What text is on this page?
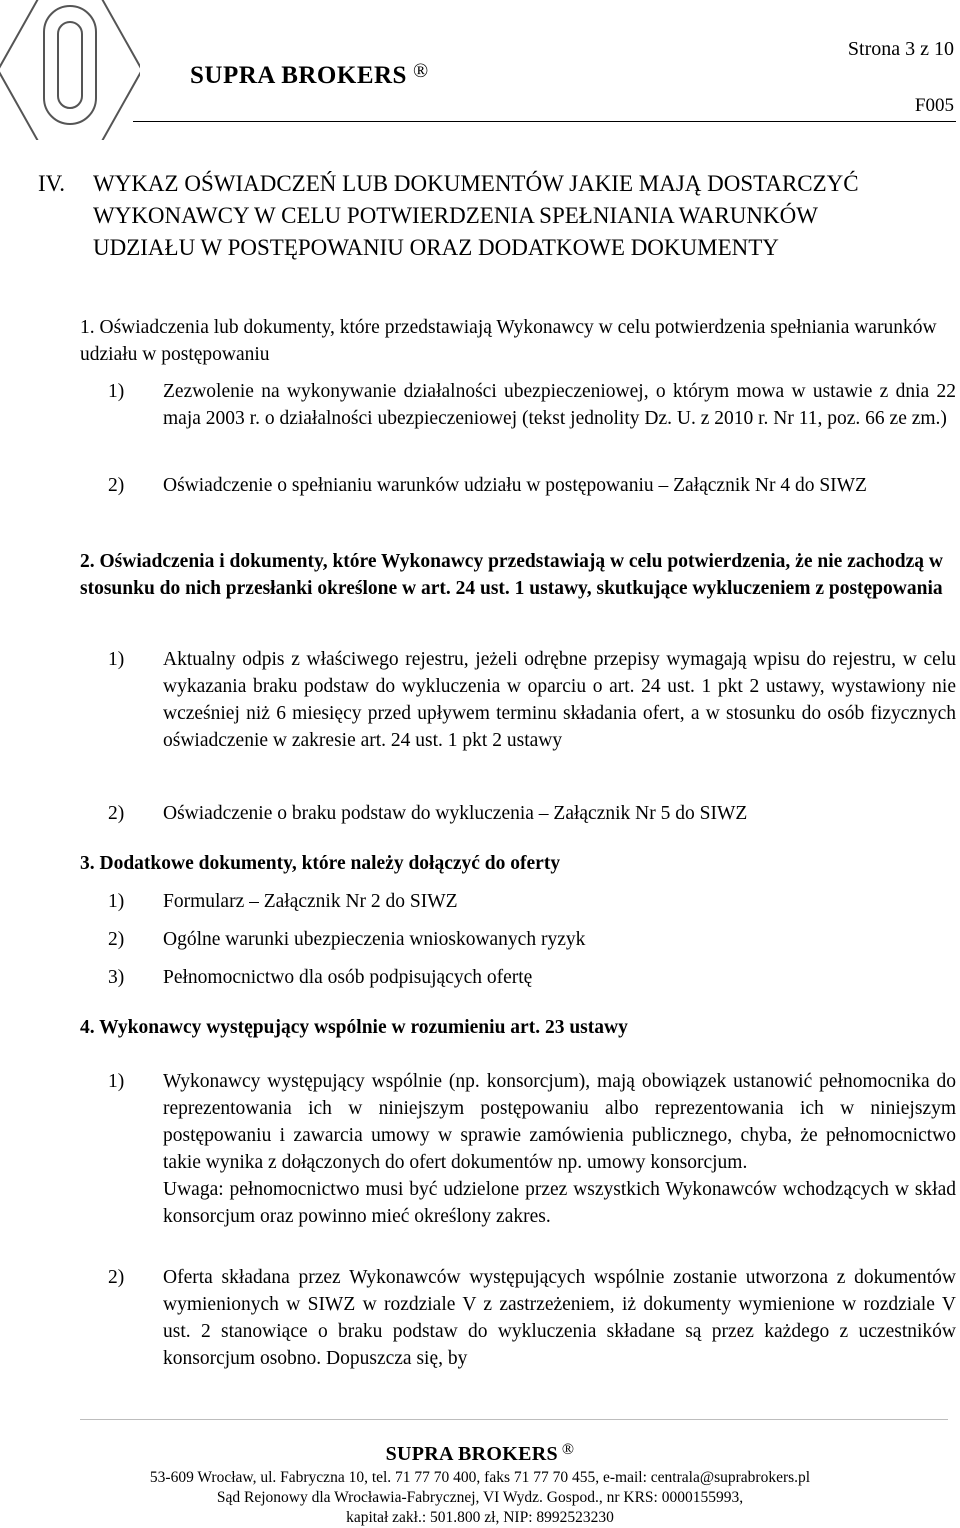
SUPRA BROKERS ®
Strona 3 z 10
F005
IV. WYKAZ OŚWIADCZEŃ LUB DOKUMENTÓW JAKIE MAJĄ DOSTARCZYĆ WYKONAWCY W CELU POTWIERDZENIA SPEŁNIANIA WARUNKÓW UDZIAŁU W POSTĘPOWANIU ORAZ DODATKOWE DOKUMENTY
1. Oświadczenia lub dokumenty, które przedstawiają Wykonawcy w celu potwierdzenia spełniania warunków udziału w postępowaniu
1) Zezwolenie na wykonywanie działalności ubezpieczeniowej, o którym mowa w ustawie z dnia 22 maja 2003 r. o działalności ubezpieczeniowej (tekst jednolity Dz. U. z 2010 r. Nr 11, poz. 66 ze zm.)
2) Oświadczenie o spełnianiu warunków udziału w postępowaniu – Załącznik Nr 4 do SIWZ
2. Oświadczenia i dokumenty, które Wykonawcy przedstawiają w celu potwierdzenia, że nie zachodzą w stosunku do nich przesłanki określone w art. 24 ust. 1 ustawy, skutkujące wykluczeniem z postępowania
1) Aktualny odpis z właściwego rejestru, jeżeli odrębne przepisy wymagają wpisu do rejestru, w celu wykazania braku podstaw do wykluczenia w oparciu o art. 24 ust. 1 pkt 2 ustawy, wystawiony nie wcześniej niż 6 miesięcy przed upływem terminu składania ofert, a w stosunku do osób fizycznych oświadczenie w zakresie art. 24 ust. 1 pkt 2 ustawy
2) Oświadczenie o braku podstaw do wykluczenia – Załącznik Nr 5 do SIWZ
3. Dodatkowe dokumenty, które należy dołączyć do oferty
1) Formularz – Załącznik Nr 2 do SIWZ
2) Ogólne warunki ubezpieczenia wnioskowanych ryzyk
3) Pełnomocnictwo dla osób podpisujących ofertę
4. Wykonawcy występujący wspólnie w rozumieniu art. 23 ustawy
1) Wykonawcy występujący wspólnie (np. konsorcjum), mają obowiązek ustanowić pełnomocnika do reprezentowania ich w niniejszym postępowaniu albo reprezentowania ich w niniejszym postępowaniu i zawarcia umowy w sprawie zamówienia publicznego, chyba, że pełnomocnictwo takie wynika z dołączonych do ofert dokumentów np. umowy konsorcjum.
Uwaga: pełnomocnictwo musi być udzielone przez wszystkich Wykonawców wchodzących w skład konsorcjum oraz powinno mieć określony zakres.
2) Oferta składana przez Wykonawców występujących wspólnie zostanie utworzona z dokumentów wymienionych w SIWZ w rozdziale V z zastrzeżeniem, iż dokumenty wymienione w rozdziale V ust. 2 stanowiące o braku podstaw do wykluczenia składane są przez każdego z uczestników konsorcjum osobno. Dopuszcza się, by
SUPRA BROKERS ®
53-609 Wrocław, ul. Fabryczna 10, tel. 71 77 70 400, faks 71 77 70 455, e-mail: centrala@suprabrokers.pl
Sąd Rejonowy dla Wrocławia-Fabrycznej, VI Wydz. Gospod., nr KRS: 0000155993,
kapitał zakł.: 501.800 zł, NIP: 8992523230
